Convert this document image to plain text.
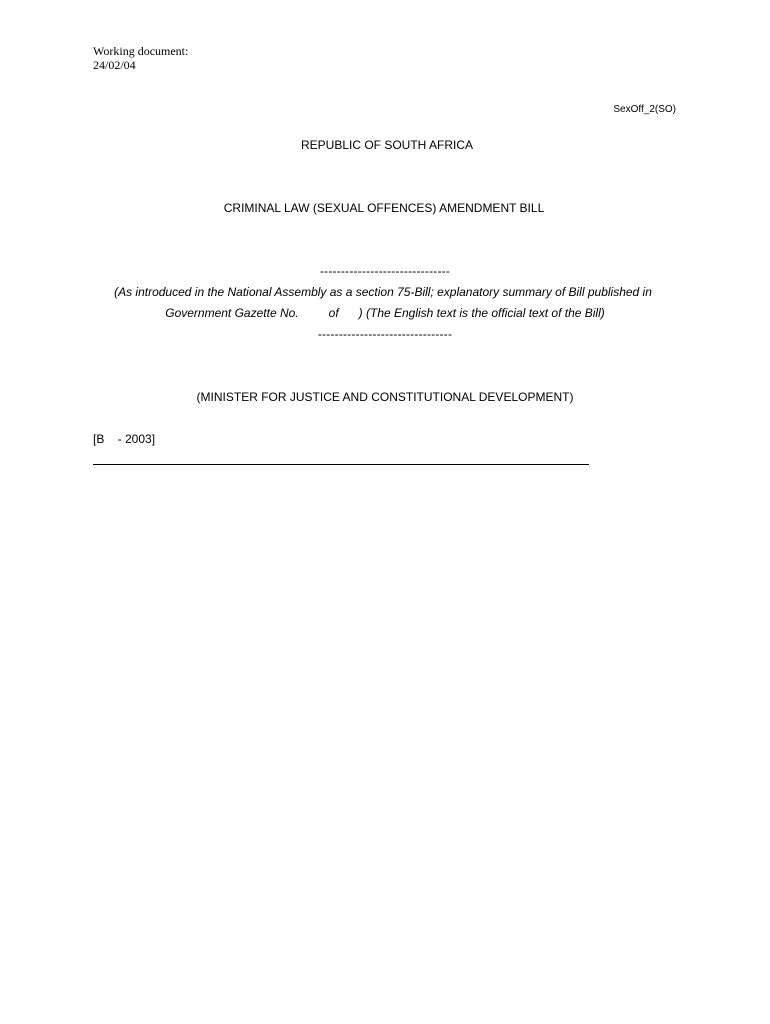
Working document:
24/02/04
SexOff_2(SO)
REPUBLIC OF SOUTH AFRICA
CRIMINAL LAW (SEXUAL OFFENCES) AMENDMENT BILL
-------------------------------
(As introduced in the National Assembly as a section 75-Bill; explanatory summary of Bill published in
Government Gazette No.	of ) (The English text is the official text of the Bill)
--------------------------------
(MINISTER FOR JUSTICE AND CONSTITUTIONAL DEVELOPMENT)
[B    - 2003]
